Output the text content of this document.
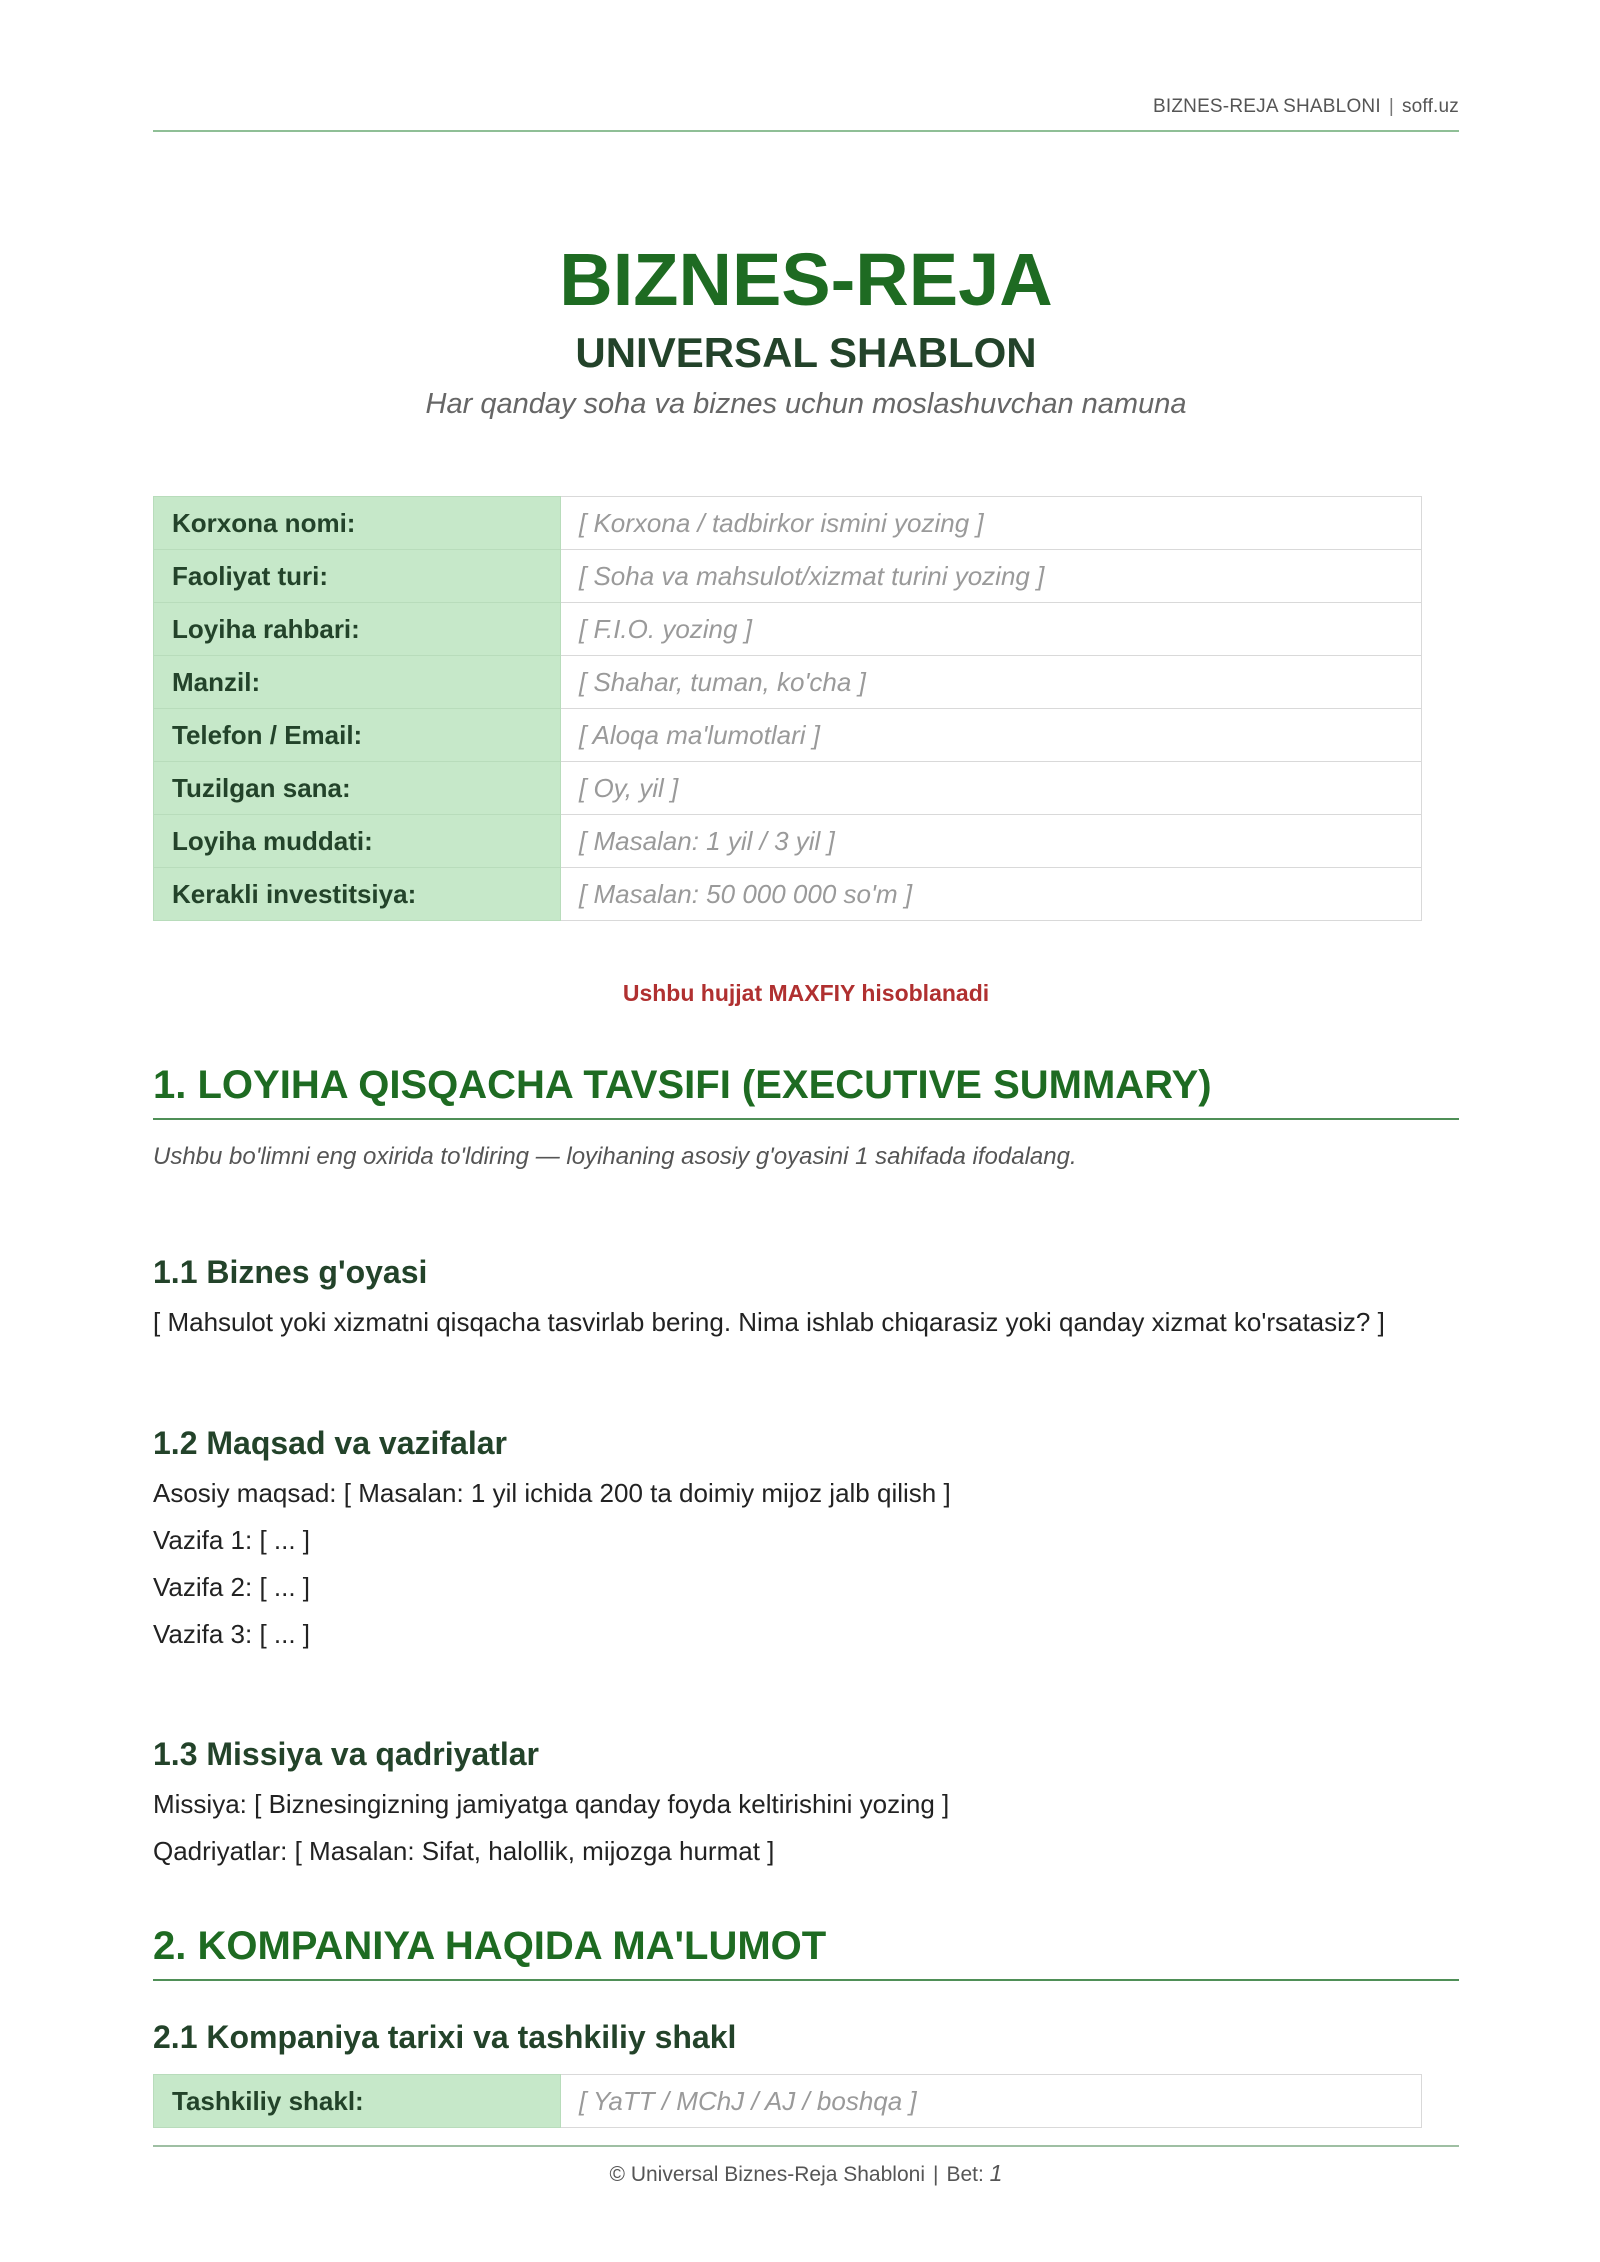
BIZNES-REJA SHABLONI | soff.uz
BIZNES-REJA
UNIVERSAL SHABLON
Har qanday soha va biznes uchun moslashuvchan namuna
Korxona nomi:	[ Korxona / tadbirkor ismini yozing ]
Faoliyat turi:	[ Soha va mahsulot/xizmat turini yozing ]
Loyiha rahbari:	[ F.I.O. yozing ]
Manzil:	[ Shahar, tuman, ko'cha ]
Telefon / Email:	[ Aloqa ma'lumotlari ]
Tuzilgan sana:	[ Oy, yil ]
Loyiha muddati:	[ Masalan: 1 yil / 3 yil ]
Kerakli investitsiya:	[ Masalan: 50 000 000 so'm ]
Ushbu hujjat MAXFIY hisoblanadi
1. LOYIHA QISQACHA TAVSIFI (EXECUTIVE SUMMARY)
Ushbu bo'limni eng oxirida to'ldiring — loyihaning asosiy g'oyasini 1 sahifada ifodalang.
1.1 Biznes g'oyasi
[ Mahsulot yoki xizmatni qisqacha tasvirlab bering. Nima ishlab chiqarasiz yoki qanday xizmat ko'rsatasiz? ]
1.2 Maqsad va vazifalar
Asosiy maqsad: [ Masalan: 1 yil ichida 200 ta doimiy mijoz jalb qilish ]
Vazifa 1: [ ... ]
Vazifa 2: [ ... ]
Vazifa 3: [ ... ]
1.3 Missiya va qadriyatlar
Missiya: [ Biznesingizning jamiyatga qanday foyda keltirishini yozing ]
Qadriyatlar: [ Masalan: Sifat, halollik, mijozga hurmat ]
2. KOMPANIYA HAQIDA MA'LUMOT
2.1 Kompaniya tarixi va tashkiliy shakl
Tashkiliy shakl:	[ YaTT / MChJ / AJ / boshqa ]
© Universal Biznes-Reja Shabloni | Bet: 1
